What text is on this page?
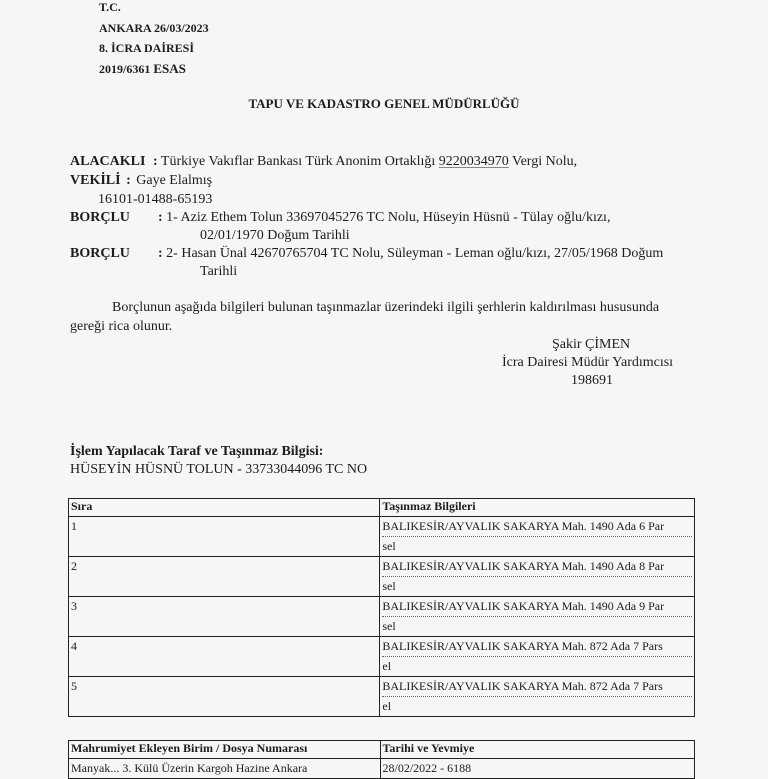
T.C.
ANKARA 26/03/2023
8. İCRA DAİRESİ
2019/6361 ESAS
TAPU VE KADASTRO GENEL MÜDÜRLÜĞÜ
ALACAKLI : Türkiye Vakıflar Bankası Türk Anonim Ortaklığı 9220034970 Vergi Nolu,
VEKİLİ : Gaye Elalmış
16101-01488-65193
BORÇLU : 1- Aziz Ethem Tolun 33697045276 TC Nolu, Hüseyin Hüsnü - Tülay oğlu/kızı,
02/01/1970 Doğum Tarihli
BORÇLU : 2- Hasan Ünal 42670765704 TC Nolu, Süleyman - Leman oğlu/kızı, 27/05/1968 Doğum
Tarihli
Borçlunun aşağıda bilgileri bulunan taşınmazlar üzerindeki ilgili şerhlerin kaldırılması hususunda
gereği rica olunur.
Şakir ÇİMEN
İcra Dairesi Müdür Yardımcısı
198691
İşlem Yapılacak Taraf ve Taşınmaz Bilgisi:
HÜSEYİN HÜSNÜ TOLUN - 33733044096 TC NO
Sıra	Taşınmaz Bilgileri
1	BALIKESİR/AYVALIK SAKARYA Mah. 1490 Ada 6 Par
sel

2	BALIKESİR/AYVALIK SAKARYA Mah. 1490 Ada 8 Par
sel

3	BALIKESİR/AYVALIK SAKARYA Mah. 1490 Ada 9 Par
sel

4	BALIKESİR/AYVALIK SAKARYA Mah. 872 Ada 7 Pars
el

5	BALIKESİR/AYVALIK SAKARYA Mah. 872 Ada 7 Pars
el
Mahrumiyet Ekleyen Birim / Dosya Numarası	Tarihi ve Yevmiye
Manyak... 3. Külü Üzerin Kargoh Hazine Ankara	28/02/2022 - 6188
